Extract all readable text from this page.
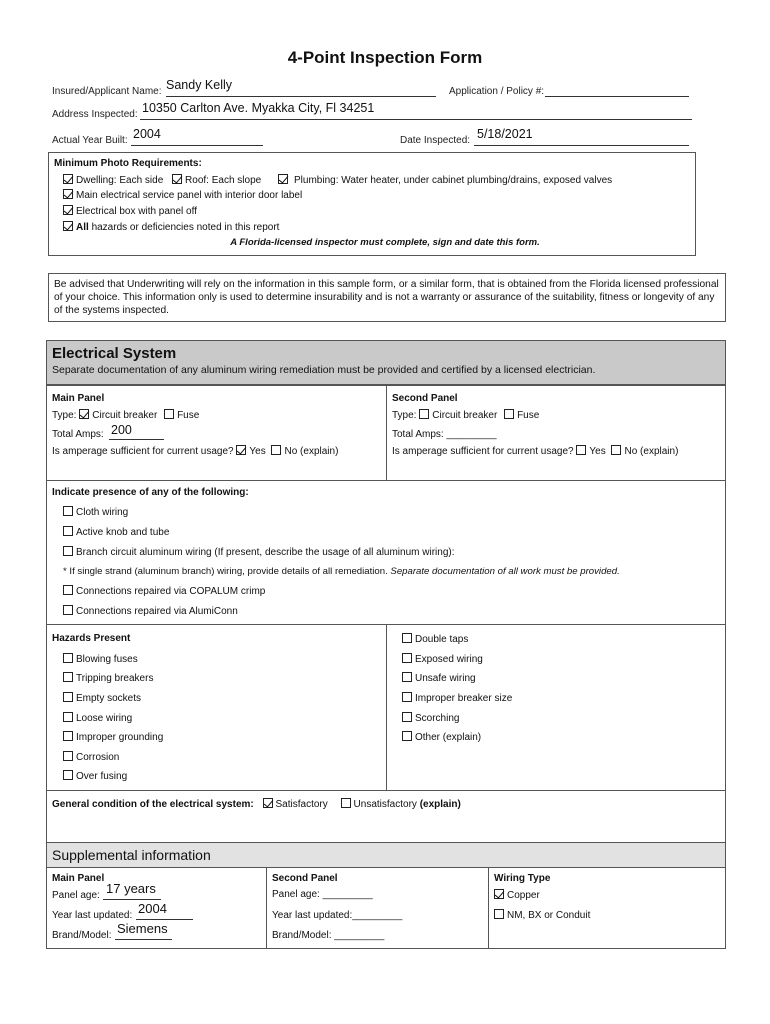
4-Point Inspection Form
Insured/Applicant Name: Sandy Kelly	Application / Policy #:
Address Inspected: 10350 Carlton Ave. Myakka City, Fl 34251
Actual Year Built: 2004	Date Inspected: 5/18/2021
Minimum Photo Requirements:
Dwelling: Each side Roof: Each slope	Plumbing: Water heater, under cabinet plumbing/drains, exposed valves
Main electrical service panel with interior door label
Electrical box with panel off
All hazards or deficiencies noted in this report
A Florida-licensed inspector must complete, sign and date this form.
Be advised that Underwriting will rely on the information in this sample form, or a similar form, that is obtained from the Florida licensed professional of your choice. This information only is used to determine insurability and is not a warranty or assurance of the suitability, fitness or longevity of any of the systems inspected.
Electrical System
Separate documentation of any aluminum wiring remediation must be provided and certified by a licensed electrician.
Main Panel
Type: Circuit breaker Fuse
Total Amps: 200
Is amperage sufficient for current usage? Yes No (explain)
Second Panel
Type: Circuit breaker Fuse
Total Amps: _________
Is amperage sufficient for current usage? Yes No (explain)
Indicate presence of any of the following:
Cloth wiring
Active knob and tube
Branch circuit aluminum wiring (If present, describe the usage of all aluminum wiring):
* If single strand (aluminum branch) wiring, provide details of all remediation. Separate documentation of all work must be provided.
Connections repaired via COPALUM crimp
Connections repaired via AlumiConn
Hazards Present
Blowing fuses
Tripping breakers
Empty sockets
Loose wiring
Improper grounding
Corrosion
Over fusing
Double taps
Exposed wiring
Unsafe wiring
Improper breaker size
Scorching
Other (explain)
General condition of the electrical system: Satisfactory	Unsatisfactory (explain)
Supplemental information
Main Panel
Panel age: 17 years
Year last updated: 2004
Brand/Model: Siemens
Second Panel
Panel age: _________
Year last updated:_________
Brand/Model: _________
Wiring Type
Copper
NM, BX or Conduit
